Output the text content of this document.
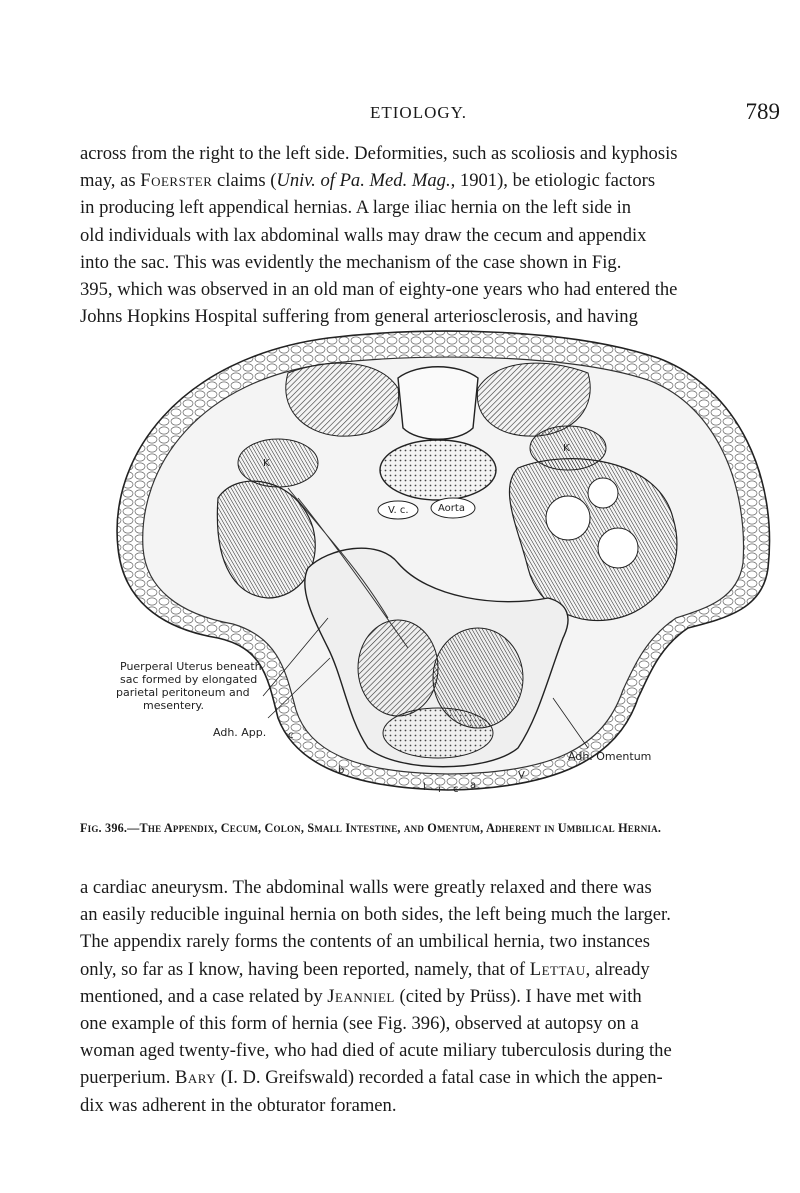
ETIOLOGY.	789

across from the right to the left side. Deformities, such as scoliosis and kyphosis
may, as Foerster claims (Univ. of Pa. Med. Mag., 1901), be etiologic factors
in producing left appendical hernias. A large iliac hernia on the left side in
old individuals with lax abdominal walls may draw the cecum and appendix
into the sac. This was evidently the mechanism of the case shown in Fig.
395, which was observed in an old man of eighty-one years who had entered the
Johns Hopkins Hospital suffering from general arteriosclerosis, and having

Puerperal Uterus beneath
sac formed by elongated
parietal peritoneum and
mesentery.
Adh. App.
Adh. Omentum
Aorta
V. c.
K
K
i c a
l
b
c
V
Fig. 396.—The Appendix, Cecum, Colon, Small Intestine, and Omentum, Adherent in Umbilical Hernia.

a cardiac aneurysm. The abdominal walls were greatly relaxed and there was
an easily reducible inguinal hernia on both sides, the left being much the larger.
The appendix rarely forms the contents of an umbilical hernia, two instances
only, so far as I know, having been reported, namely, that of Lettau, already
mentioned, and a case related by Jeanniel (cited by Prüss). I have met with
one example of this form of hernia (see Fig. 396), observed at autopsy on a
woman aged twenty-five, who had died of acute miliary tuberculosis during the
puerperium. Bary (I. D. Greifswald) recorded a fatal case in which the appen-
dix was adherent in the obturator foramen.
